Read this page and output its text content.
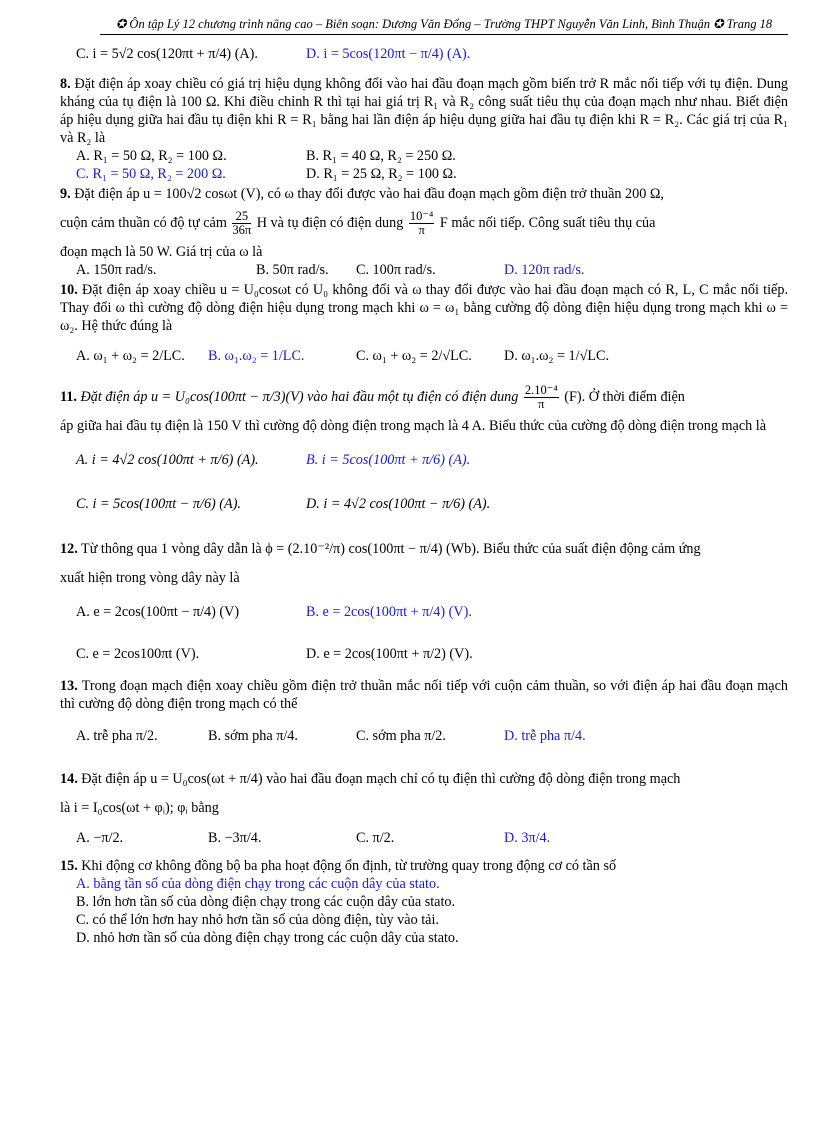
✪ Ôn tập Lý 12 chương trình nâng cao – Biên soạn: Dương Văn Đổng – Trường THPT Nguyễn Văn Linh, Bình Thuận ✪ Trang 18
C. i = 5√2 cos(120πt + π/4) (A).	D. i = 5cos(120πt − π/4) (A).
8. Đặt điện áp xoay chiều có giá trị hiệu dụng không đổi vào hai đầu đoạn mạch gồm biến trở R mắc nối tiếp với tụ điện. Dung kháng của tụ điện là 100 Ω. Khi điều chỉnh R thì tại hai giá trị R₁ và R₂ công suất tiêu thụ của đoạn mạch như nhau. Biết điện áp hiệu dụng giữa hai đầu tụ điện khi R = R₁ bằng hai lần điện áp hiệu dụng giữa hai đầu tụ điện khi R = R₂. Các giá trị của R₁ và R₂ là
A. R₁ = 50 Ω, R₂ = 100 Ω.	B. R₁ = 40 Ω, R₂ = 250 Ω.
C. R₁ = 50 Ω, R₂ = 200 Ω.	D. R₁ = 25 Ω, R₂ = 100 Ω.
9. Đặt điện áp u = 100√2 cosωt (V), có ω thay đổi được vào hai đầu đoạn mạch gồm điện trở thuần 200 Ω,
cuộn cảm thuần có độ tự cảm $\frac{25}{36\pi}$ H và tụ điện có điện dung $\frac{\text{10⁻⁴}}{\pi}$ F mắc nối tiếp. Công suất tiêu thụ của
đoạn mạch là 50 W. Giá trị của ω là
A. 150π rad/s.	B. 50π rad/s. C. 100π rad/s.	D. 120π rad/s.
10. Đặt điện áp xoay chiều u = U₀cosωt có U₀ không đổi và ω thay đổi được vào hai đầu đoạn mạch có R, L, C mắc nối tiếp. Thay đổi ω thì cường độ dòng điện hiệu dụng trong mạch khi ω = ω₁ bằng cường độ dòng điện hiệu dụng trong mạch khi ω = ω₂. Hệ thức đúng là
A. ω₁ + ω₂ = 2/LC. B. ω₁.ω₂ = 1/LC.	C. ω₁ + ω₂ = 2/√LC. D. ω₁.ω₂ = 1/√LC.
11. Đặt điện áp u = U₀cos(100πt − π/3)(V) vào hai đầu một tụ điện có điện dung $\frac{\text{2.10⁻⁴}}{\pi} (F)$. Ở thời điểm điện
áp giữa hai đầu tụ điện là 150 V thì cường độ dòng điện trong mạch là 4 A. Biểu thức của cường độ dòng điện trong mạch là
A. i = 4√2 cos(100πt + π/6) (A).	B. i = 5cos(100πt + π/6) (A).
C. i = 5cos(100πt − π/6) (A).	D. i = 4√2 cos(100πt − π/6) (A).
12. Từ thông qua 1 vòng dây dẫn là ϕ = (2.10⁻²/π) cos(100πt − π/4) (Wb). Biểu thức của suất điện động cảm ứng
xuất hiện trong vòng dây này là
A. e = 2cos(100πt − π/4) (V)	B. e = 2cos(100πt + π/4) (V).
C. e = 2cos100πt (V).	D. e = 2cos(100πt + π/2) (V).
13. Trong đoạn mạch điện xoay chiều gồm điện trở thuần mắc nối tiếp với cuộn cảm thuần, so với điện áp hai đầu đoạn mạch thì cường độ dòng điện trong mạch có thể
A. trễ pha π/2.	B. sớm pha π/4.	C. sớm pha π/2.	D. trễ pha π/4.
14. Đặt điện áp u = U₀cos(ωt + π/4) vào hai đầu đoạn mạch chỉ có tụ điện thì cường độ dòng điện trong mạch
là i = I₀cos(ωt + φᵢ); φᵢ bằng
A. −π/2.	B. −3π/4.	C. π/2.	D. 3π/4.
15. Khi động cơ không đồng bộ ba pha hoạt động ổn định, từ trường quay trong động cơ có tần số
A. bằng tần số của dòng điện chạy trong các cuộn dây của stato.
B. lớn hơn tần số của dòng điện chạy trong các cuộn dây của stato.
C. có thể lớn hơn hay nhỏ hơn tần số của dòng điện, tùy vào tải.
D. nhỏ hơn tần số của dòng điện chạy trong các cuộn dây của stato.
